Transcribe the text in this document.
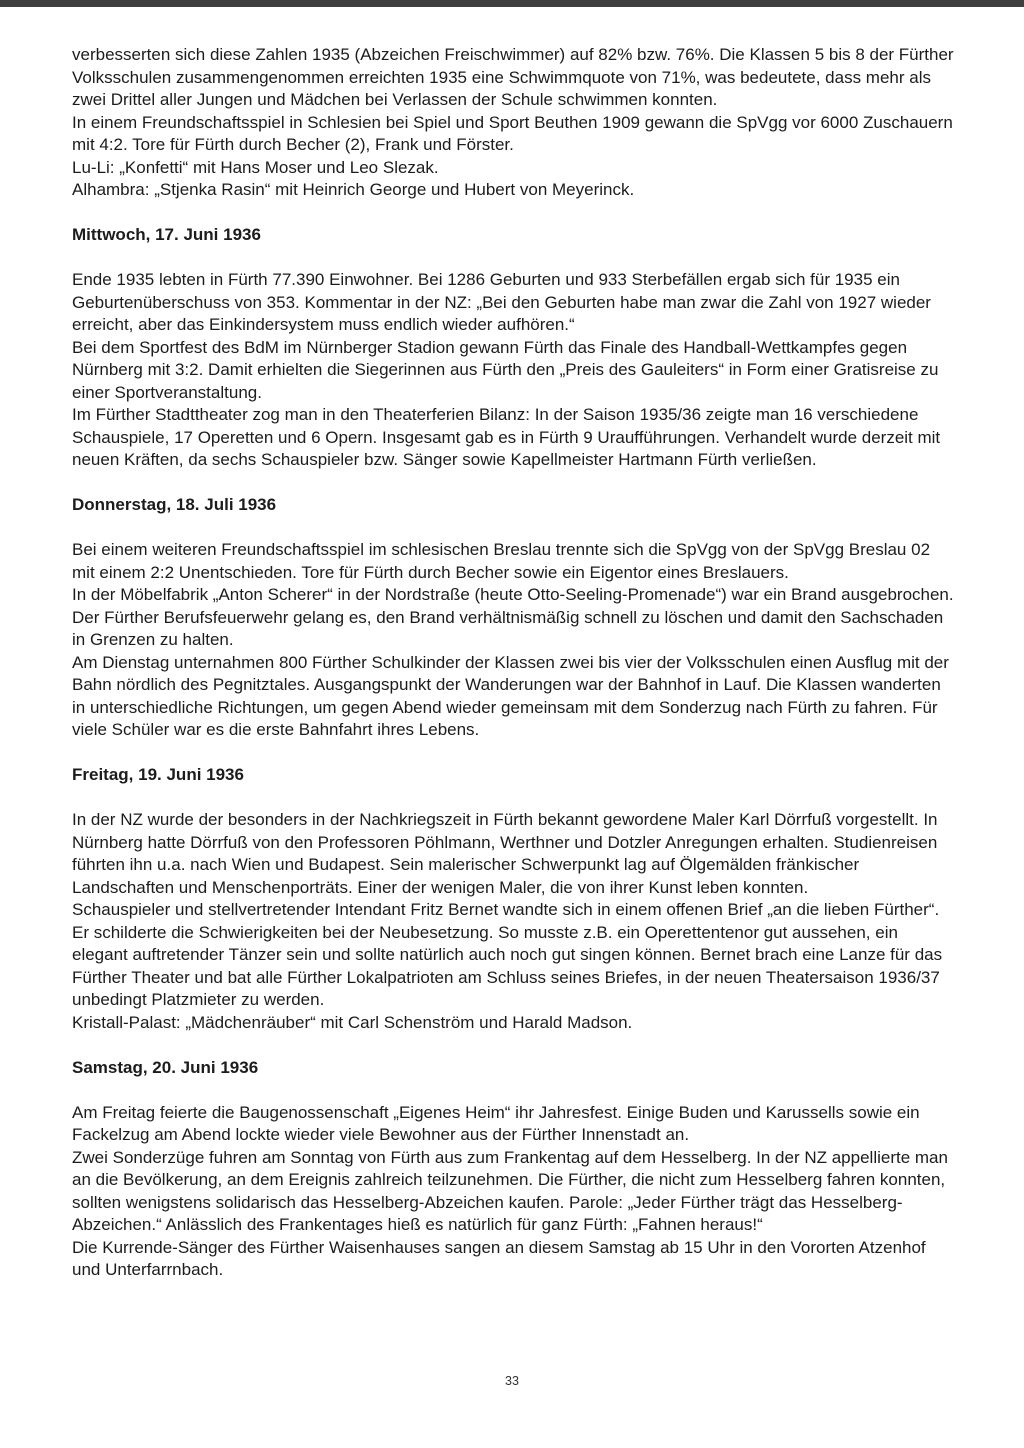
verbesserten sich diese Zahlen 1935 (Abzeichen Freischwimmer) auf 82% bzw. 76%. Die Klassen 5 bis 8 der Fürther Volksschulen zusammengenommen erreichten 1935 eine Schwimmquote von 71%, was bedeutete, dass mehr als zwei Drittel aller Jungen und Mädchen bei Verlassen der Schule schwimmen konnten.

In einem Freundschaftsspiel in Schlesien bei Spiel und Sport Beuthen 1909 gewann die SpVgg vor 6000 Zuschauern mit 4:2. Tore für Fürth durch Becher (2), Frank und Förster.

Lu-Li: „Konfetti“ mit Hans Moser und Leo Slezak.

Alhambra: „Stjenka Rasin“ mit Heinrich George und Hubert von Meyerinck.

Mittwoch, 17. Juni 1936

Ende 1935 lebten in Fürth 77.390 Einwohner. Bei 1286 Geburten und 933 Sterbefällen ergab sich für 1935 ein Geburtenüberschuss von 353. Kommentar in der NZ: „Bei den Geburten habe man zwar die Zahl von 1927 wieder erreicht, aber das Einkindersystem muss endlich wieder aufhören.“

Bei dem Sportfest des BdM im Nürnberger Stadion gewann Fürth das Finale des Handball-Wettkampfes gegen Nürnberg mit 3:2. Damit erhielten die Siegerinnen aus Fürth den „Preis des Gauleiters“ in Form einer Gratisreise zu einer Sportveranstaltung.

Im Fürther Stadttheater zog man in den Theaterferien Bilanz: In der Saison 1935/36 zeigte man 16 verschiedene Schauspiele, 17 Operetten und 6 Opern. Insgesamt gab es in Fürth 9 Uraufführungen. Verhandelt wurde derzeit mit neuen Kräften, da sechs Schauspieler bzw. Sänger sowie Kapellmeister Hartmann Fürth verließen.

Donnerstag, 18. Juli 1936

Bei einem weiteren Freundschaftsspiel im schlesischen Breslau trennte sich die SpVgg von der SpVgg Breslau 02 mit einem 2:2 Unentschieden. Tore für Fürth durch Becher sowie ein Eigentor eines Breslauers.

In der Möbelfabrik „Anton Scherer“ in der Nordstraße (heute Otto-Seeling-Promenade“) war ein Brand ausgebrochen. Der Fürther Berufsfeuerwehr gelang es, den Brand verhältnismäßig schnell zu löschen und damit den Sachschaden in Grenzen zu halten.

Am Dienstag unternahmen 800 Fürther Schulkinder der Klassen zwei bis vier der Volksschulen einen Ausflug mit der Bahn nördlich des Pegnitztales. Ausgangspunkt der Wanderungen war der Bahnhof in Lauf. Die Klassen wanderten in unterschiedliche Richtungen, um gegen Abend wieder gemeinsam mit dem Sonderzug nach Fürth zu fahren. Für viele Schüler war es die erste Bahnfahrt ihres Lebens.

Freitag, 19. Juni 1936

In der NZ wurde der besonders in der Nachkriegszeit in Fürth bekannt gewordene Maler Karl Dörrfuß vorgestellt. In Nürnberg hatte Dörrfuß von den Professoren Pöhlmann, Werthner und Dotzler Anregungen erhalten. Studienreisen führten ihn u.a. nach Wien und Budapest. Sein malerischer Schwerpunkt lag auf Ölgemälden fränkischer Landschaften und Menschenporträts. Einer der wenigen Maler, die von ihrer Kunst leben konnten.

Schauspieler und stellvertretender Intendant Fritz Bernet wandte sich in einem offenen Brief „an die lieben Fürther“. Er schilderte die Schwierigkeiten bei der Neubesetzung. So musste z.B. ein Operettentenor gut aussehen, ein elegant auftretender Tänzer sein und sollte natürlich auch noch gut singen können. Bernet brach eine Lanze für das Fürther Theater und bat alle Fürther Lokalpatrioten am Schluss seines Briefes, in der neuen Theatersaison 1936/37 unbedingt Platzmieter zu werden.

Kristall-Palast: „Mädchenräuber“ mit Carl Schenström und Harald Madson.

Samstag, 20. Juni 1936

Am Freitag feierte die Baugenossenschaft „Eigenes Heim“ ihr Jahresfest. Einige Buden und Karussells sowie ein Fackelzug am Abend lockte wieder viele Bewohner aus der Fürther Innenstadt an.

Zwei Sonderzüge fuhren am Sonntag von Fürth aus zum Frankentag auf dem Hesselberg. In der NZ appellierte man an die Bevölkerung, an dem Ereignis zahlreich teilzunehmen. Die Fürther, die nicht zum Hesselberg fahren konnten, sollten wenigstens solidarisch das Hesselberg-Abzeichen kaufen. Parole: „Jeder Fürther trägt das Hesselberg-Abzeichen.“ Anlässlich des Frankentages hieß es natürlich für ganz Fürth: „Fahnen heraus!“

Die Kurrende-Sänger des Fürther Waisenhauses sangen an diesem Samstag ab 15 Uhr in den Vororten Atzenhof und Unterfarrnbach.

33
